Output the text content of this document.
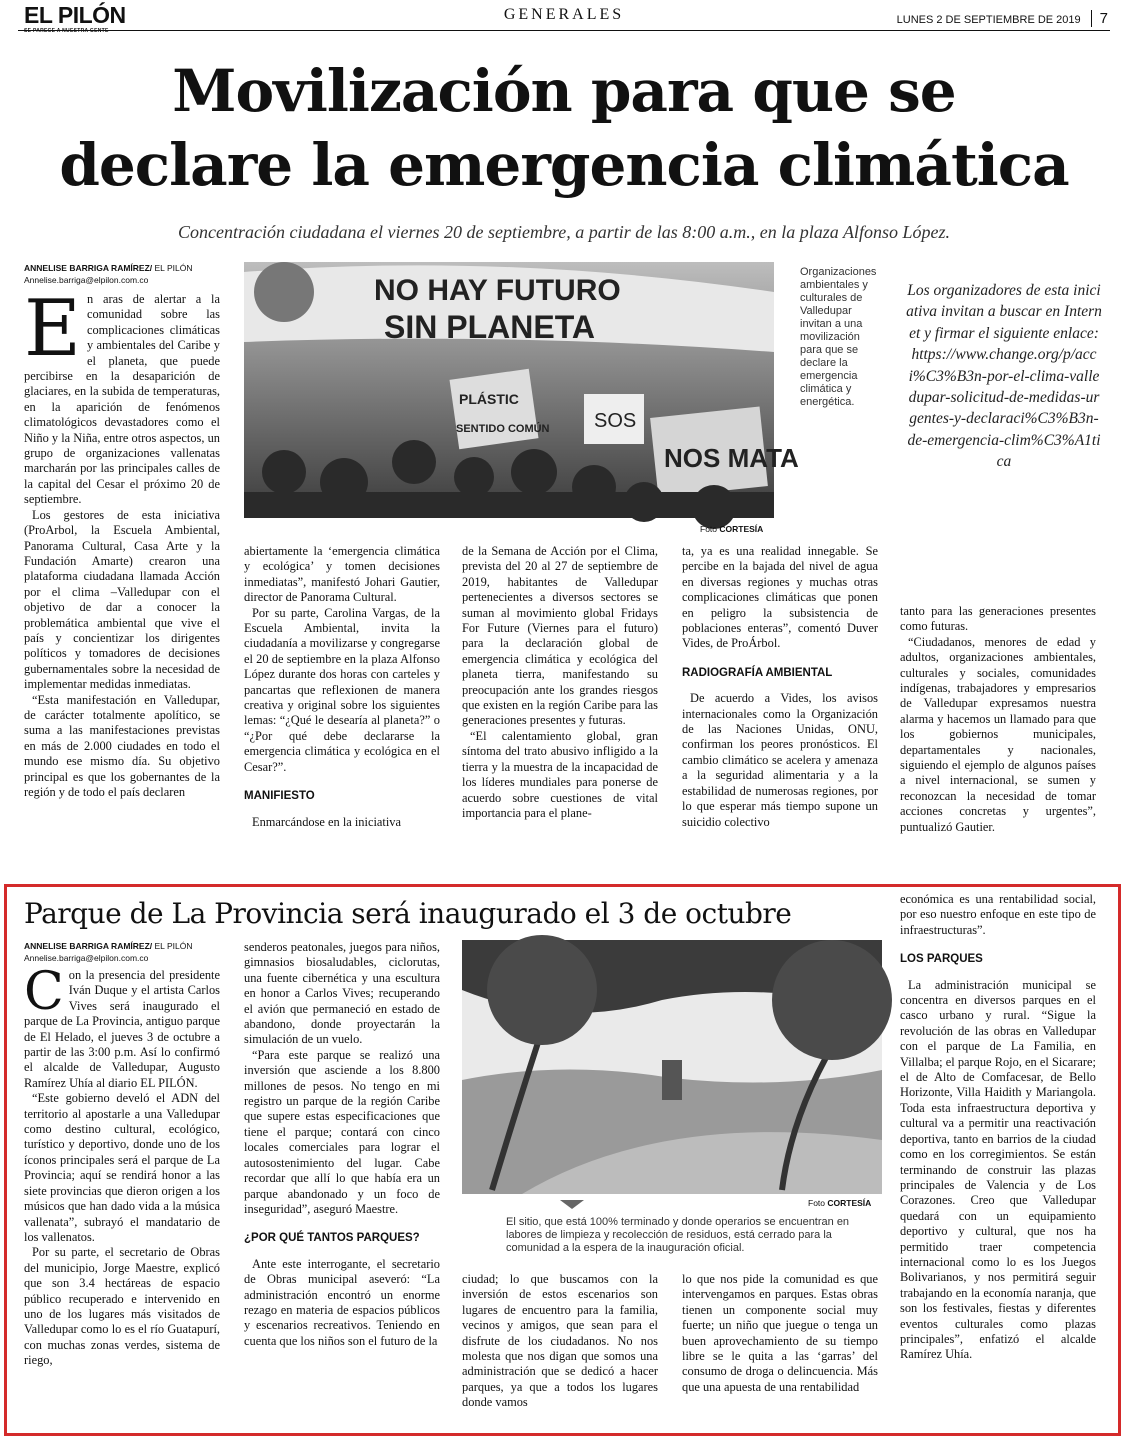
EL PILÓN
SE PARECE A NUESTRA GENTE
GENERALES	LUNES 2 DE SEPTIEMBRE DE 2019 7
Movilización para que se
declare la emergencia climática
Concentración ciudadana el viernes 20 de septiembre, a partir de las 8:00 a.m., en la plaza Alfonso López.
ANNELISE BARRIGA RAMÍREZ/ EL PILÓN
Annelise.barriga@elpilon.com.co

En aras de alertar a la comunidad sobre las complicaciones climáticas y ambientales del Caribe y el planeta, que puede percibirse en la desaparición de glaciares, en la subida de temperaturas, en la aparición de fenómenos climatológicos devastadores como el Niño y la Niña, entre otros aspectos, un grupo de organizaciones vallenatas marcharán por las principales calles de la capital del Cesar el próximo 20 de septiembre.

Los gestores de esta iniciativa (ProArbol, la Escuela Ambiental, Panorama Cultural, Casa Arte y la Fundación Amarte) crearon una plataforma ciudadana llamada Acción por el clima –Valledupar con el objetivo de dar a conocer la problemática ambiental que vive el país y concientizar los dirigentes políticos y tomadores de decisiones gubernamentales sobre la necesidad de implementar medidas inmediatas.

“Esta manifestación en Valledupar, de carácter totalmente apolítico, se suma a las manifestaciones previstas en más de 2.000 ciudades en todo el mundo ese mismo día. Su objetivo principal es que los gobernantes de la región y de todo el país declaren

NO HAY FUTURO
SIN PLANETA
PLÁSTIC
SENTIDO COMÚN SOS
NOS MATA
Foto CORTESÍA
Organizaciones ambientales y culturales de Valledupar invitan a una movilización para que se declare la emergencia climática y energética.
Los organizadores de esta iniciativa invitan a buscar en Internet y firmar el siguiente enlace: https://www.change.org/p/acci%C3%B3n-por-el-clima-valledupar-solicitud-de-medidas-urgentes-y-declaraci%C3%B3n-de-emergencia-clim%C3%A1tica

abiertamente la ‘emergencia climática y ecológica’ y tomen decisiones inmediatas”, manifestó Johari Gautier, director de Panorama Cultural.

Por su parte, Carolina Vargas, de la Escuela Ambiental, invita la ciudadanía a movilizarse y congregarse el 20 de septiembre en la plaza Alfonso López durante dos horas con carteles y pancartas que reflexionen de manera creativa y original sobre los siguientes lemas: “¿Qué le desearía al planeta?” o “¿Por qué debe declararse la emergencia climática y ecológica en el Cesar?”.

MANIFIESTO

Enmarcándose en la iniciativa

de la Semana de Acción por el Clima, prevista del 20 al 27 de septiembre de 2019, habitantes de Valledupar pertenecientes a diversos sectores se suman al movimiento global Fridays For Future (Viernes para el futuro) para la declaración global de emergencia climática y ecológica del planeta tierra, manifestando su preocupación ante los grandes riesgos que existen en la región Caribe para las generaciones presentes y futuras.

“El calentamiento global, gran síntoma del trato abusivo infligido a la tierra y la muestra de la incapacidad de los líderes mundiales para ponerse de acuerdo sobre cuestiones de vital importancia para el plane-

ta, ya es una realidad innegable. Se percibe en la bajada del nivel de agua en diversas regiones y muchas otras complicaciones climáticas que ponen en peligro la subsistencia de poblaciones enteras”, comentó Duver Vides, de ProÁrbol.

RADIOGRAFÍA AMBIENTAL

De acuerdo a Vides, los avisos internacionales como la Organización de las Naciones Unidas, ONU, confirman los peores pronósticos. El cambio climático se acelera y amenaza a la seguridad alimentaria y a la estabilidad de numerosas regiones, por lo que esperar más tiempo supone un suicidio colectivo

tanto para las generaciones presentes como futuras.

“Ciudadanos, menores de edad y adultos, organizaciones ambientales, culturales y sociales, comunidades indígenas, trabajadores y empresarios de Valledupar expresamos nuestra alarma y hacemos un llamado para que los gobiernos municipales, departamentales y nacionales, siguiendo el ejemplo de algunos países a nivel internacional, se sumen y reconozcan la necesidad de tomar acciones concretas y urgentes”, puntualizó Gautier.

Parque de La Provincia será inaugurado el 3 de octubre
ANNELISE BARRIGA RAMÍREZ/ EL PILÓN
Annelise.barriga@elpilon.com.co

Con la presencia del presidente Iván Duque y el artista Carlos Vives será inaugurado el parque de La Provincia, antiguo parque de El Helado, el jueves 3 de octubre a partir de las 3:00 p.m. Así lo confirmó el alcalde de Valledupar, Augusto Ramírez Uhía al diario EL PILÓN.

“Este gobierno develó el ADN del territorio al apostarle a una Valledupar como destino cultural, ecológico, turístico y deportivo, donde uno de los íconos principales será el parque de La Provincia; aquí se rendirá honor a las siete provincias que dieron origen a los músicos que han dado vida a la música vallenata”, subrayó el mandatario de los vallenatos.

Por su parte, el secretario de Obras del municipio, Jorge Maestre, explicó que son 3.4 hectáreas de espacio público recuperado e intervenido en uno de los lugares más visitados de Valledupar como lo es el río Guatapurí, con muchas zonas verdes, sistema de riego,

senderos peatonales, juegos para niños, gimnasios biosaludables, ciclorutas, una fuente cibernética y una escultura en honor a Carlos Vives; recuperando el avión que permaneció en estado de abandono, donde proyectarán la simulación de un vuelo.

“Para este parque se realizó una inversión que asciende a los 8.800 millones de pesos. No tengo en mi registro un parque de la región Caribe que supere estas especificaciones que tiene el parque; contará con cinco locales comerciales para lograr el autosostenimiento del lugar. Cabe recordar que allí lo que había era un parque abandonado y un foco de inseguridad”, aseguró Maestre.

¿POR QUÉ TANTOS PARQUES?

Ante este interrogante, el secretario de Obras municipal aseveró: “La administración encontró un enorme rezago en materia de espacios públicos y escenarios recreativos. Teniendo en cuenta que los niños son el futuro de la

Foto CORTESÍA
El sitio, que está 100% terminado y donde operarios se encuentran en labores de limpieza y recolección de residuos, está cerrado para la comunidad a la espera de la inauguración oficial.

ciudad; lo que buscamos con la inversión de estos escenarios son lugares de encuentro para la familia, vecinos y amigos, que sean para el disfrute de los ciudadanos. No nos molesta que nos digan que somos una administración que se dedicó a hacer parques, ya que a todos los lugares donde vamos

lo que nos pide la comunidad es que intervengamos en parques. Estas obras tienen un componente social muy fuerte; un niño que juegue o tenga un buen aprovechamiento de su tiempo libre se le quita a las ‘garras’ del consumo de droga o delincuencia. Más que una apuesta de una rentabilidad

económica es una rentabilidad social, por eso nuestro enfoque en este tipo de infraestructuras”.

LOS PARQUES

La administración municipal se concentra en diversos parques en el casco urbano y rural. “Sigue la revolución de las obras en Valledupar con el parque de La Familia, en Villalba; el parque Rojo, en el Sicarare; el de Alto de Comfacesar, de Bello Horizonte, Villa Haidith y Mariangola. Toda esta infraestructura deportiva y cultural va a permitir una reactivación deportiva, tanto en barrios de la ciudad como en los corregimientos. Se están terminando de construir las plazas principales de Valencia y de Los Corazones. Creo que Valledupar quedará con un equipamiento deportivo y cultural, que nos ha permitido traer competencia internacional como lo es los Juegos Bolivarianos, y nos permitirá seguir trabajando en la economía naranja, que son los festivales, fiestas y diferentes eventos culturales como plazas principales”, enfatizó el alcalde Ramírez Uhía.
